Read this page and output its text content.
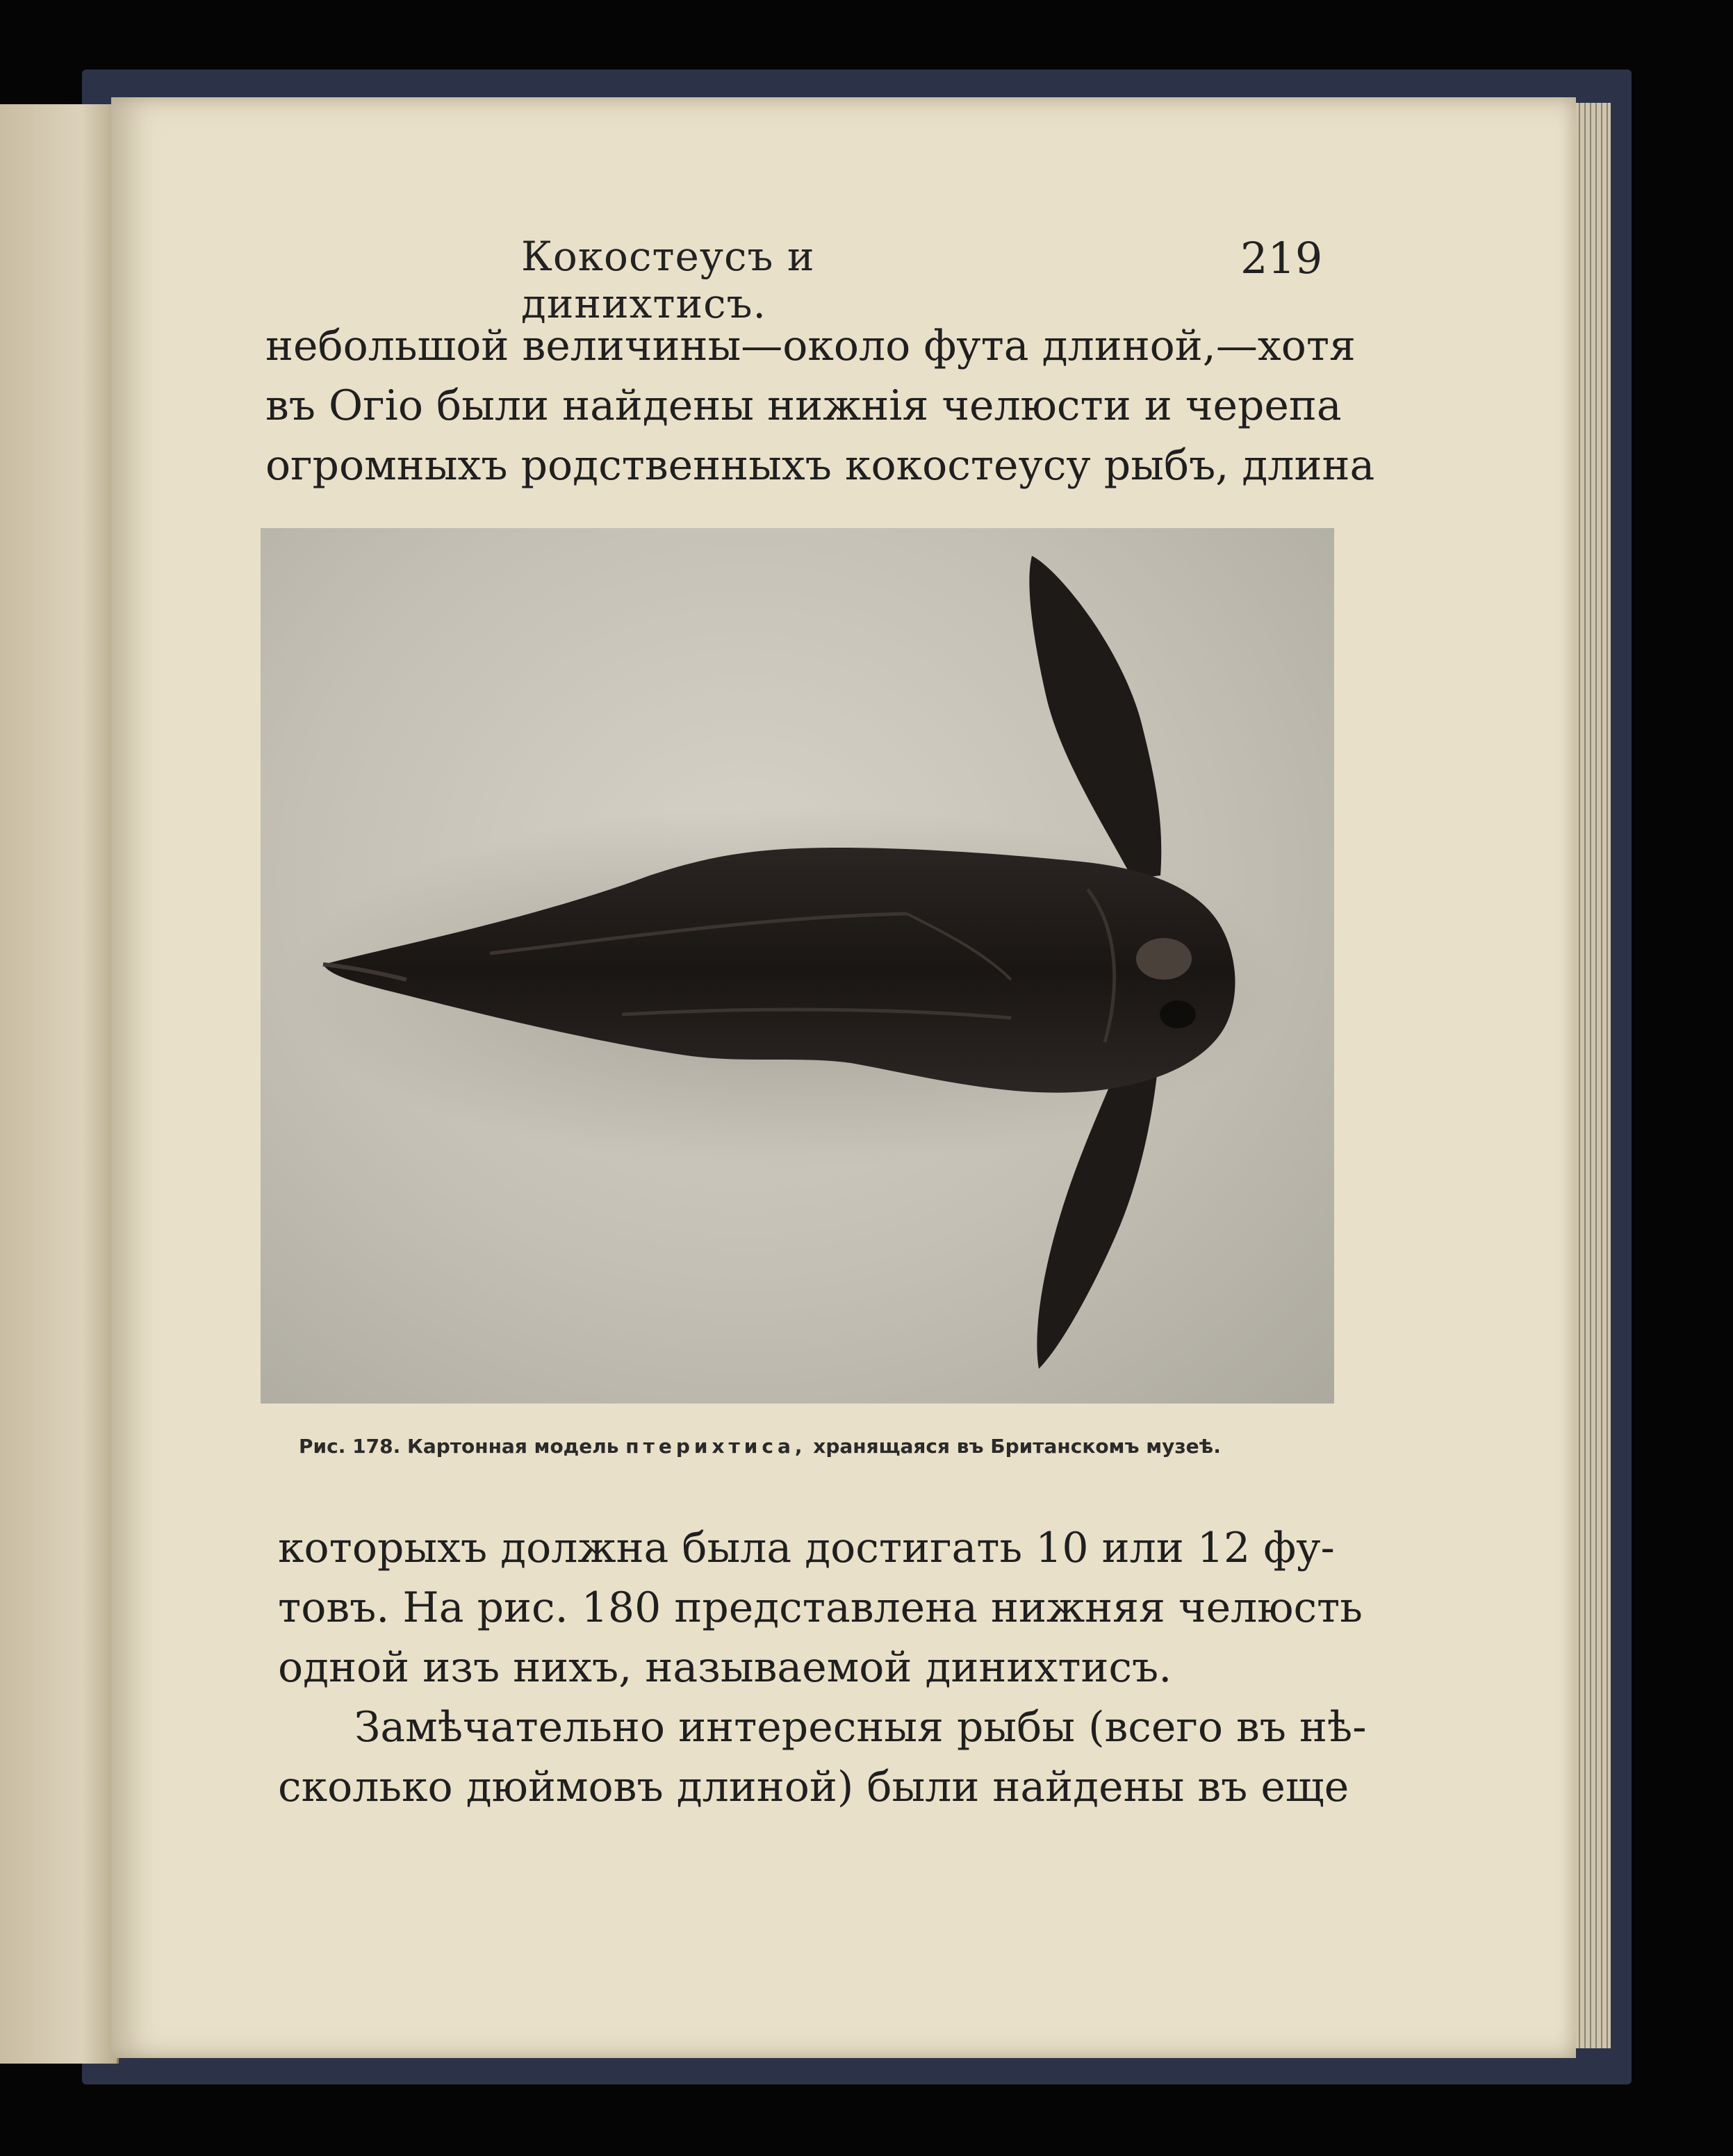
Кокостеусъ и динихтисъ.
219
небольшой величины—около фута длиной,—хотя
въ Огіо были найдены нижнія челюсти и черепа
огромныхъ родственныхъ кокостеусу рыбъ, длина
Рис. 178. Картонная модель птерихтиса, хранящаяся въ Британскомъ музеѣ.
которыхъ должна была достигать 10 или 12 фу-
товъ. На рис. 180 представлена нижняя челюсть
одной изъ нихъ, называемой динихтисъ.
Замѣчательно интересныя рыбы (всего въ нѣ-
сколько дюймовъ длиной) были найдены въ еще
